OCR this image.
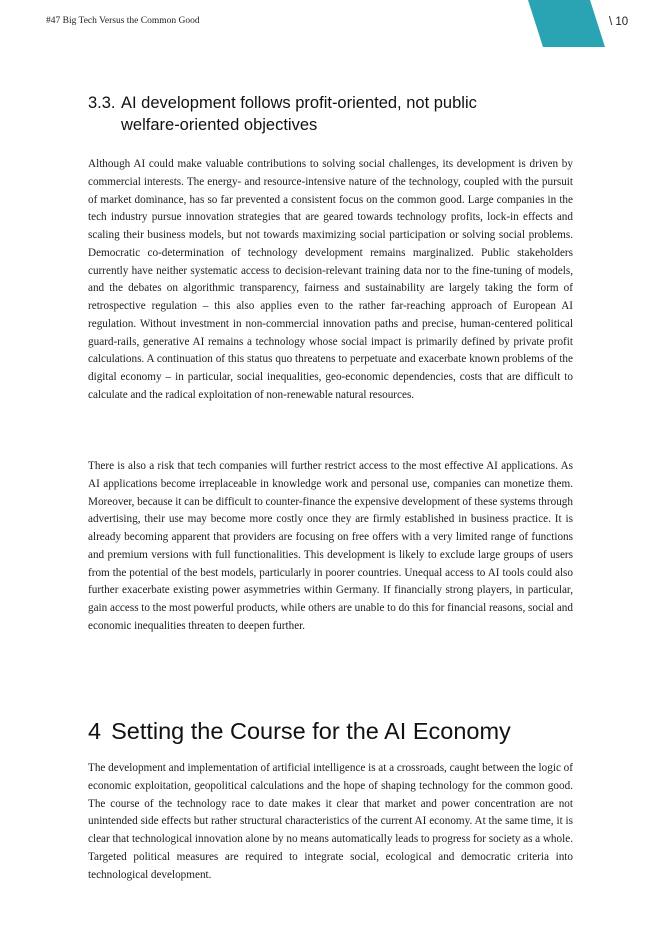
#47 Big Tech Versus the Common Good	\ 10
3.3. AI development follows profit-oriented, not public welfare-oriented objectives

Although AI could make valuable contributions to solving social challenges, its development is driven by commercial interests. The energy- and resource-intensive nature of the technology, coupled with the pursuit of market dominance, has so far prevented a consistent focus on the common good. Large companies in the tech industry pursue innovation strategies that are geared towards technology profits, lock-in effects and scaling their business models, but not towards maximizing social participation or solving social problems. Democratic co-determination of technology development remains marginalized. Public stakeholders currently have neither systematic access to decision-relevant training data nor to the fine-tuning of models, and the debates on algorithmic transparency, fairness and sustainability are largely taking the form of retrospective regulation – this also applies even to the rather far-reaching approach of European AI regulation. Without investment in non-commercial innovation paths and precise, human-centered political guard-rails, generative AI remains a technology whose social impact is primarily defined by private profit calculations. A continuation of this status quo threatens to perpetuate and exacerbate known problems of the digital economy – in particular, social inequalities, geo-economic dependencies, costs that are difficult to calculate and the radical exploitation of non-renewable natural resources.

There is also a risk that tech companies will further restrict access to the most effective AI applications. As AI applications become irreplaceable in knowledge work and personal use, companies can monetize them. Moreover, because it can be difficult to counter-finance the expensive development of these systems through advertising, their use may become more costly once they are firmly established in business practice. It is already becoming apparent that providers are focusing on free offers with a very limited range of functions and premium versions with full functionalities. This development is likely to exclude large groups of users from the potential of the best models, particularly in poorer countries. Unequal access to AI tools could also further exacerbate existing power asymmetries within Germany. If financially strong players, in particular, gain access to the most powerful products, while others are unable to do this for financial reasons, social and economic inequalities threaten to deepen further.

4 Setting the Course for the AI Economy

The development and implementation of artificial intelligence is at a crossroads, caught between the logic of economic exploitation, geopolitical calculations and the hope of shaping technology for the common good. The course of the technology race to date makes it clear that market and power concentration are not unintended side effects but rather structural characteristics of the current AI economy. At the same time, it is clear that technological innovation alone by no means automatically leads to progress for society as a whole. Targeted political measures are required to integrate social, ecological and democratic criteria into technological development.
